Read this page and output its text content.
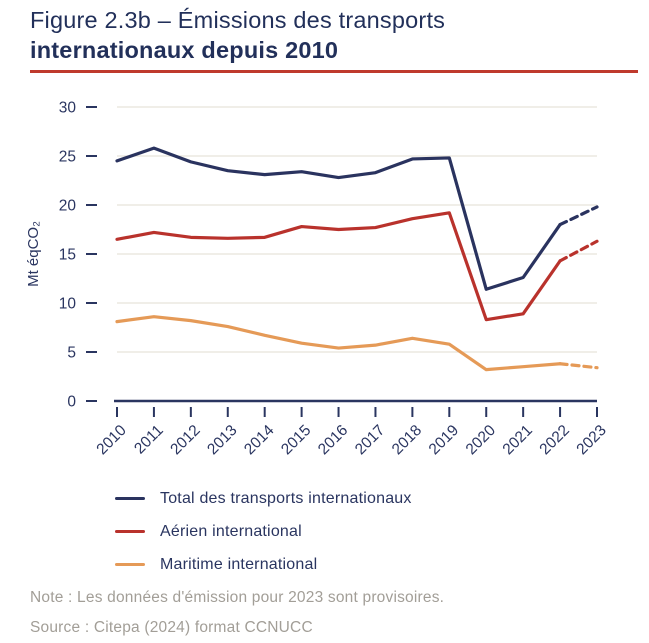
Figure 2.3b – Émissions des transports
internationaux depuis 2010
0
5
10
15
20
25
30
Mt éqCO₂
2010 2011 2012 2013 2014 2015 2016 2017 2018 2019 2020 2021 2022 2023
Total des transports internationaux
Aérien international
Maritime international
Note : Les données d'émission pour 2023 sont provisoires.
Source : Citepa (2024) format CCNUCC
